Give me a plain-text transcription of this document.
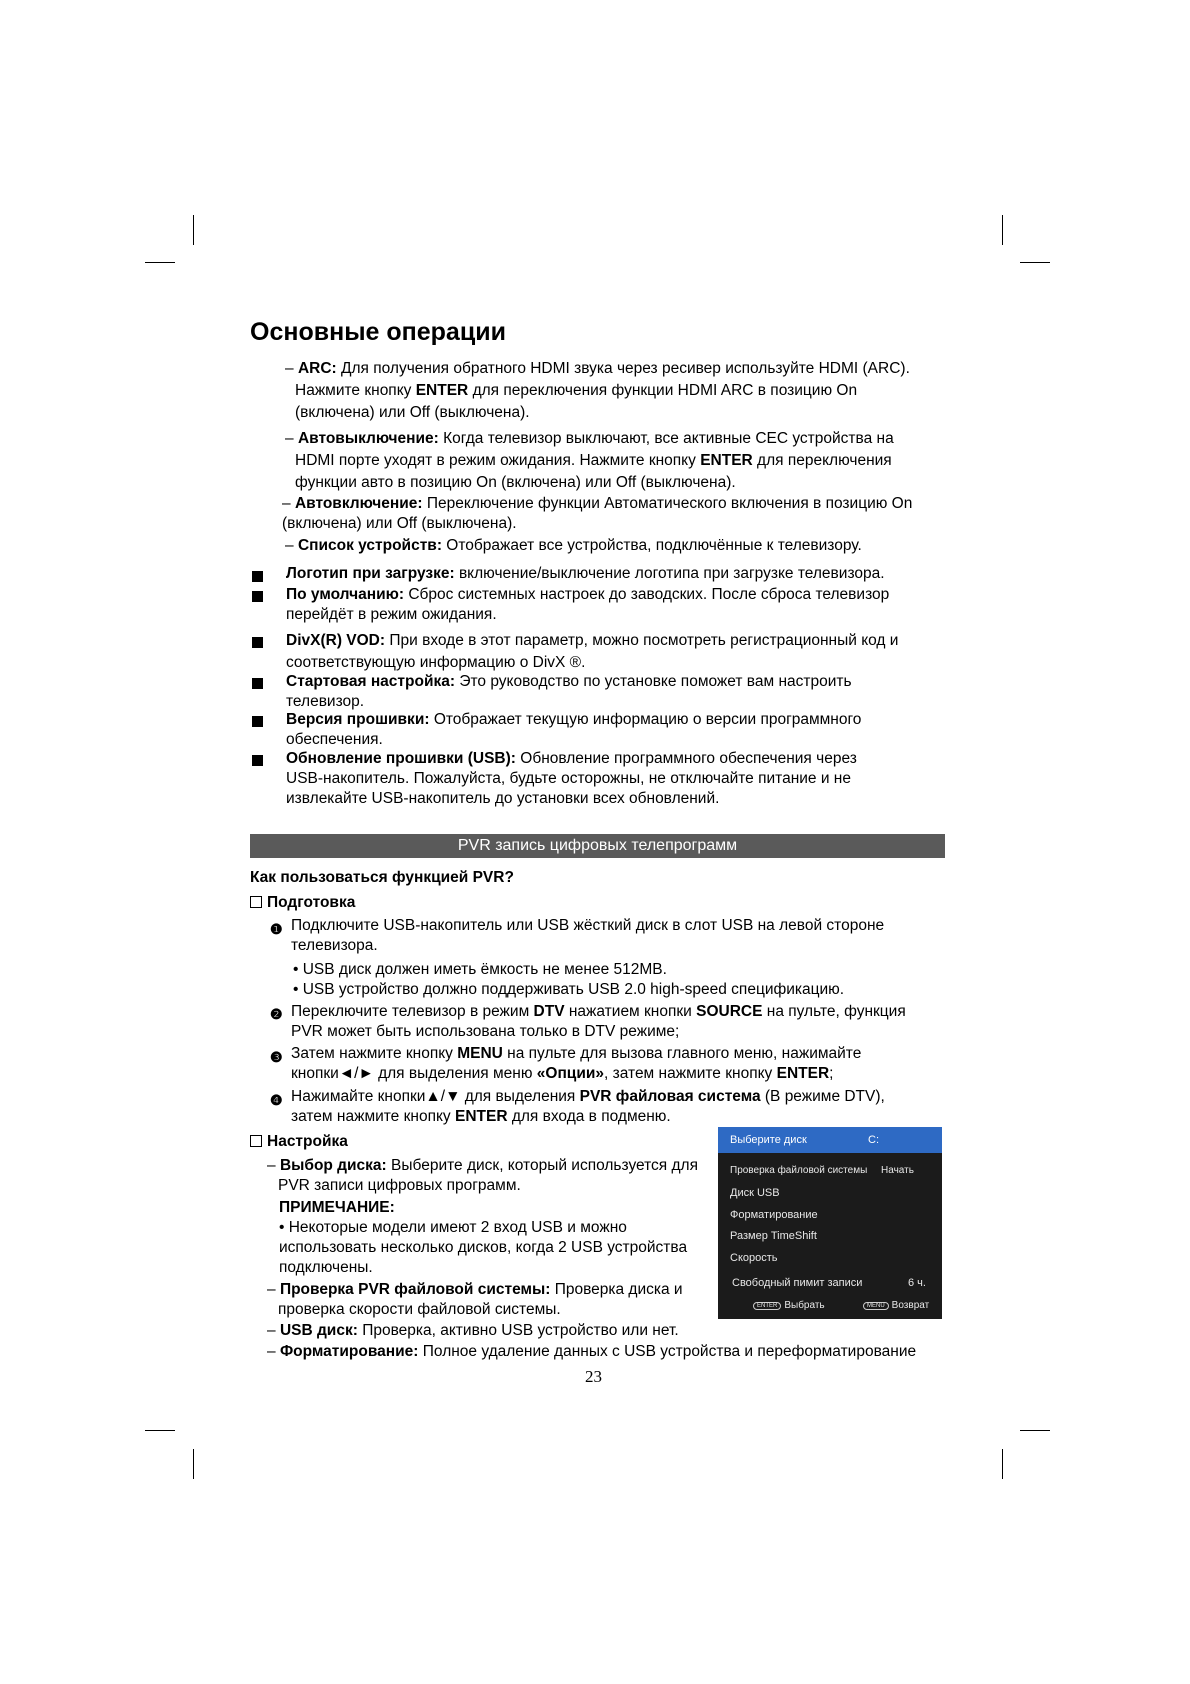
Основные операции
– ARC: Для получения обратного HDMI звука через ресивер используйте HDMI (ARC).
Нажмите кнопку ENTER для переключения функции HDMI ARC в позицию On
(включена) или Off (выключена).
– Автовыключение: Когда телевизор выключают, все активные CEC устройства на
HDMI порте уходят в режим ожидания. Нажмите кнопку ENTER для переключения
функции авто в позицию On (включена) или Off (выключена).
– Автовключение: Переключение функции Автоматического включения в позицию On
(включена) или Off (выключена).
– Список устройств: Отображает все устройства, подключённые к телевизору.
Логотип при загрузке: включение/выключение логотипа при загрузке телевизора.
По умолчанию: Сброс системных настроек до заводских. После сброса телевизор
перейдёт в режим ожидания.
DivX(R) VOD: При входе в этот параметр, можно посмотреть регистрационный код и
соответствующую информацию о DivX ®.
Стартовая настройка: Это руководство по установке поможет вам настроить
телевизор.
Версия прошивки: Отображает текущую информацию о версии программного
обеспечения.
Обновление прошивки (USB): Обновление программного обеспечения через
USB-накопитель. Пожалуйста, будьте осторожны, не отключайте питание и не
извлекайте USB-накопитель до установки всех обновлений.
PVR запись цифровых телепрограмм
Как пользоваться функцией PVR?
Подготовка
❶ Подключите USB-накопитель или USB жёсткий диск в слот USB на левой стороне
телевизора.
• USB диск должен иметь ёмкость не менее 512MB.
• USB устройство должно поддерживать USB 2.0 high-speed спецификацию.
❷ Переключите телевизор в режим DTV нажатием кнопки SOURCE на пульте, функция
PVR может быть использована только в DTV режиме;
❸ Затем нажмите кнопку MENU на пульте для вызова главного меню, нажимайте
кнопки◄/► для выделения меню «Опции», затем нажмите кнопку ENTER;
❹ Нажимайте кнопки▲/▼ для выделения PVR файловая система (В режиме DTV),
затем нажмите кнопку ENTER для входа в подменю.
Настройка
– Выбор диска: Выберите диск, который используется для
PVR записи цифровых программ.
ПРИМЕЧАНИЕ:
• Некоторые модели имеют 2 вход USB и можно
использовать несколько дисков, когда 2 USB устройства
подключены.
– Проверка PVR файловой системы: Проверка диска и
проверка скорости файловой системы.
– USB диск: Проверка, активно USB устройство или нет.
– Форматирование: Полное удаление данных с USB устройства и переформатирование
Выберите диск	C:
Проверка файловой системы Начать
Диск USB
Форматирование
Размер TimeShift
Скорость
Свободный пимит записи	6 ч.
ENTER Выбрать	MENU Возврат
23
